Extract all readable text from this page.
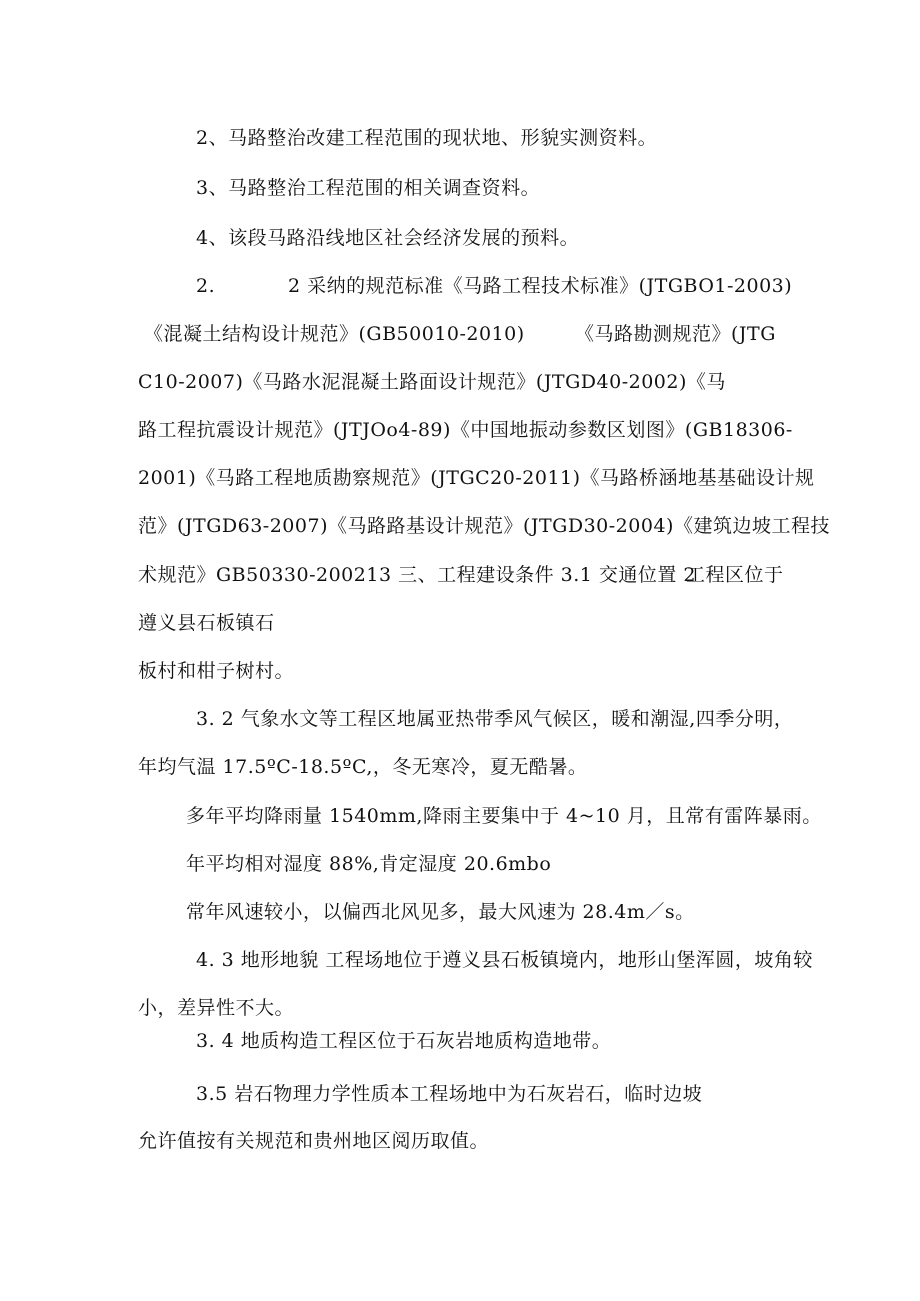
2、马路整治改建工程范围的现状地、形貌实测资料。
3、马路整治工程范围的相关调查资料。
4、该段马路沿线地区社会经济发展的预料。
2.	2 采纳的规范标准《马路工程技术标准》(JTGBO1-2003)
《混凝土结构设计规范》(GB50010-2010)	《马路勘测规范》(JTG
C10-2007)《马路水泥混凝土路面设计规范》(JTGD40-2002)《马
路工程抗震设计规范》(JTJOo4-89)《中国地振动参数区划图》(GB18306-
2001)《马路工程地质勘察规范》(JTGC20-2011)《马路桥涵地基基础设计规
范》(JTGD63-2007)《马路路基设计规范》(JTGD30-2004)《建筑边坡工程技
术规范》GB50330-200213 三、工程建设条件 3.1 交通位置 2
工程区位于
遵义县石板镇石
板村和柑子树村。
3. 2 气象水文等工程区地属亚热带季风气候区，暖和潮湿,四季分明，
年均气温 17.5ºC-18.5ºC,，冬无寒冷，夏无酷暑。
多年平均降雨量 1540mm,降雨主要集中于 4~10 月，且常有雷阵暴雨。
年平均相对湿度 88%,肯定湿度 20.6mbo
常年风速较小，以偏西北风见多，最大风速为 28.4m／s。
4. 3 地形地貌 工程场地位于遵义县石板镇境内，地形山堡浑圆，坡角较
小，差异性不大。
3. 4 地质构造工程区位于石灰岩地质构造地带。
3.5 岩石物理力学性质本工程场地中为石灰岩石，临时边坡
允许值按有关规范和贵州地区阅历取值。
